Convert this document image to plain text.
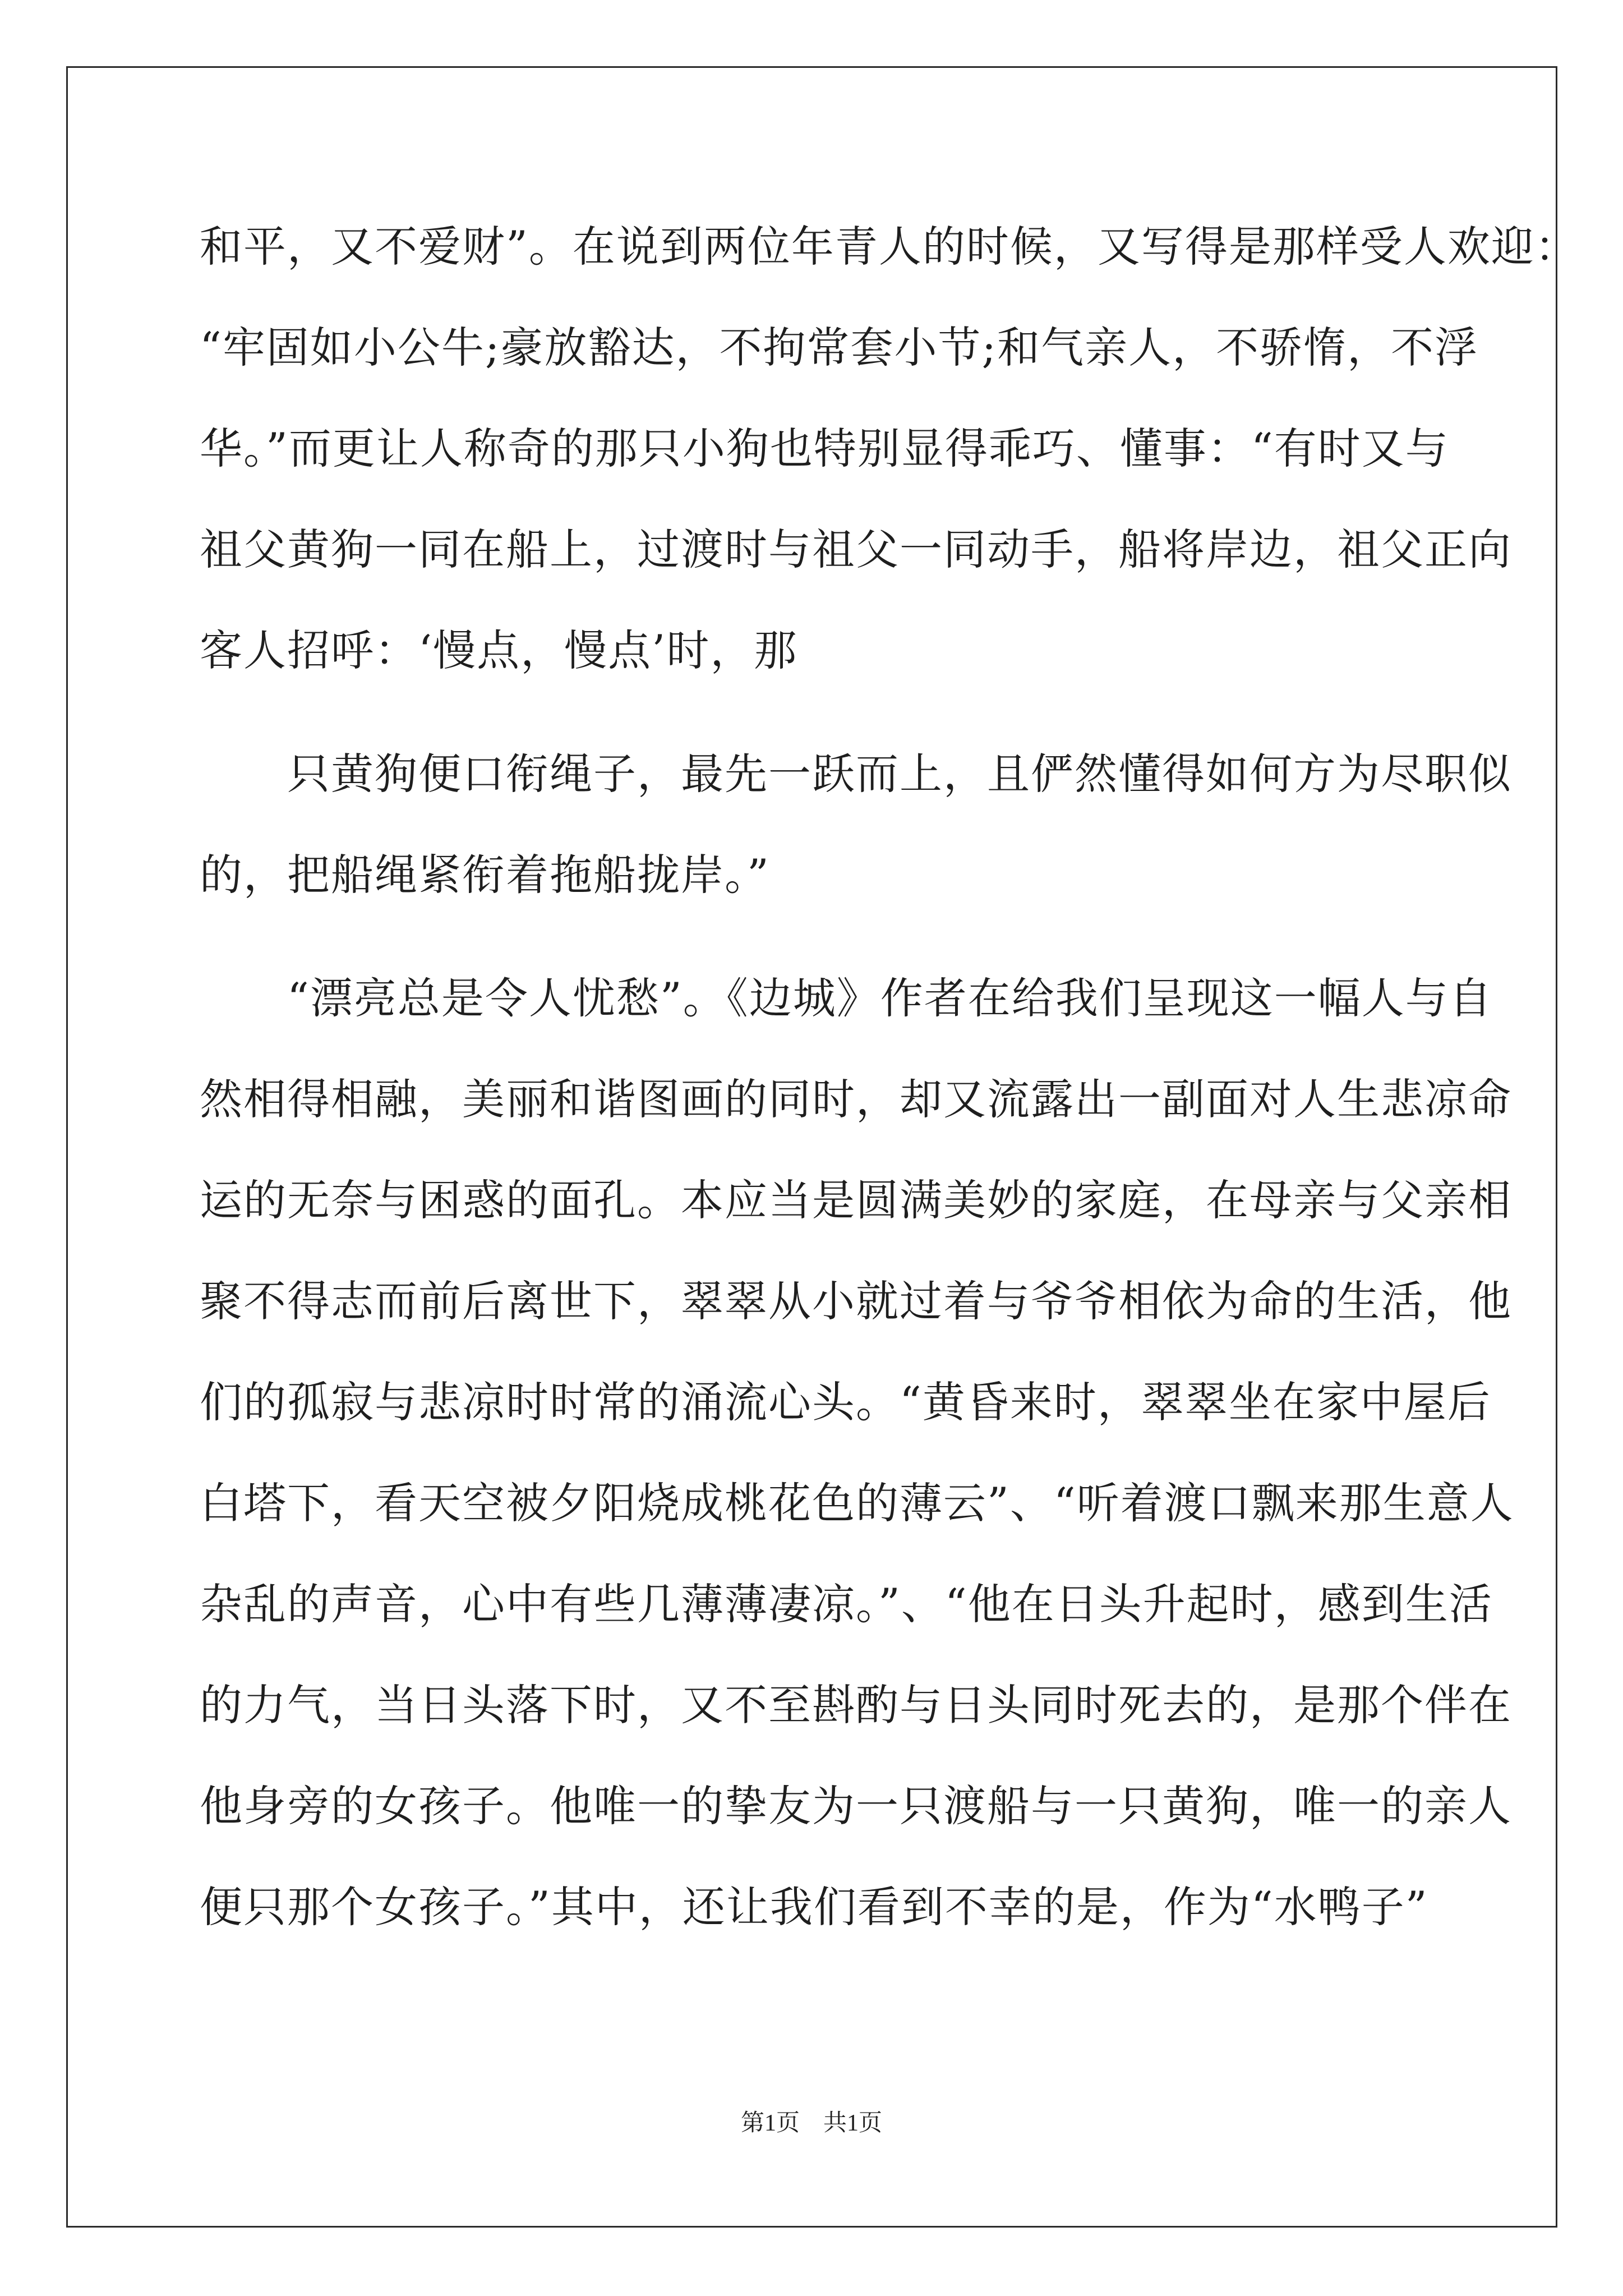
和平，又不爱财”。在说到两位年青人的时候，又写得是那样受人欢迎：
“牢固如小公牛;豪放豁达，不拘常套小节;和气亲人，不骄惰，不浮
华。”而更让人称奇的那只小狗也特别显得乖巧、懂事：“有时又与
祖父黄狗一同在船上，过渡时与祖父一同动手，船将岸边，祖父正向
客人招呼：‘慢点，慢点’时，那
　　只黄狗便口衔绳子，最先一跃而上，且俨然懂得如何方为尽职似
的，把船绳紧衔着拖船拢岸。”
　　“漂亮总是令人忧愁”。《边城》作者在给我们呈现这一幅人与自
然相得相融，美丽和谐图画的同时，却又流露出一副面对人生悲凉命
运的无奈与困惑的面孔。本应当是圆满美妙的家庭，在母亲与父亲相
聚不得志而前后离世下，翠翠从小就过着与爷爷相依为命的生活，他
们的孤寂与悲凉时时常的涌流心头。“黄昏来时，翠翠坐在家中屋后
白塔下，看天空被夕阳烧成桃花色的薄云”、“听着渡口飘来那生意人
杂乱的声音，心中有些几薄薄凄凉。”、“他在日头升起时，感到生活
的力气，当日头落下时，又不至斟酌与日头同时死去的，是那个伴在
他身旁的女孩子。他唯一的挚友为一只渡船与一只黄狗，唯一的亲人
便只那个女孩子。”其中，还让我们看到不幸的是，作为“水鸭子”
第1页　共1页
